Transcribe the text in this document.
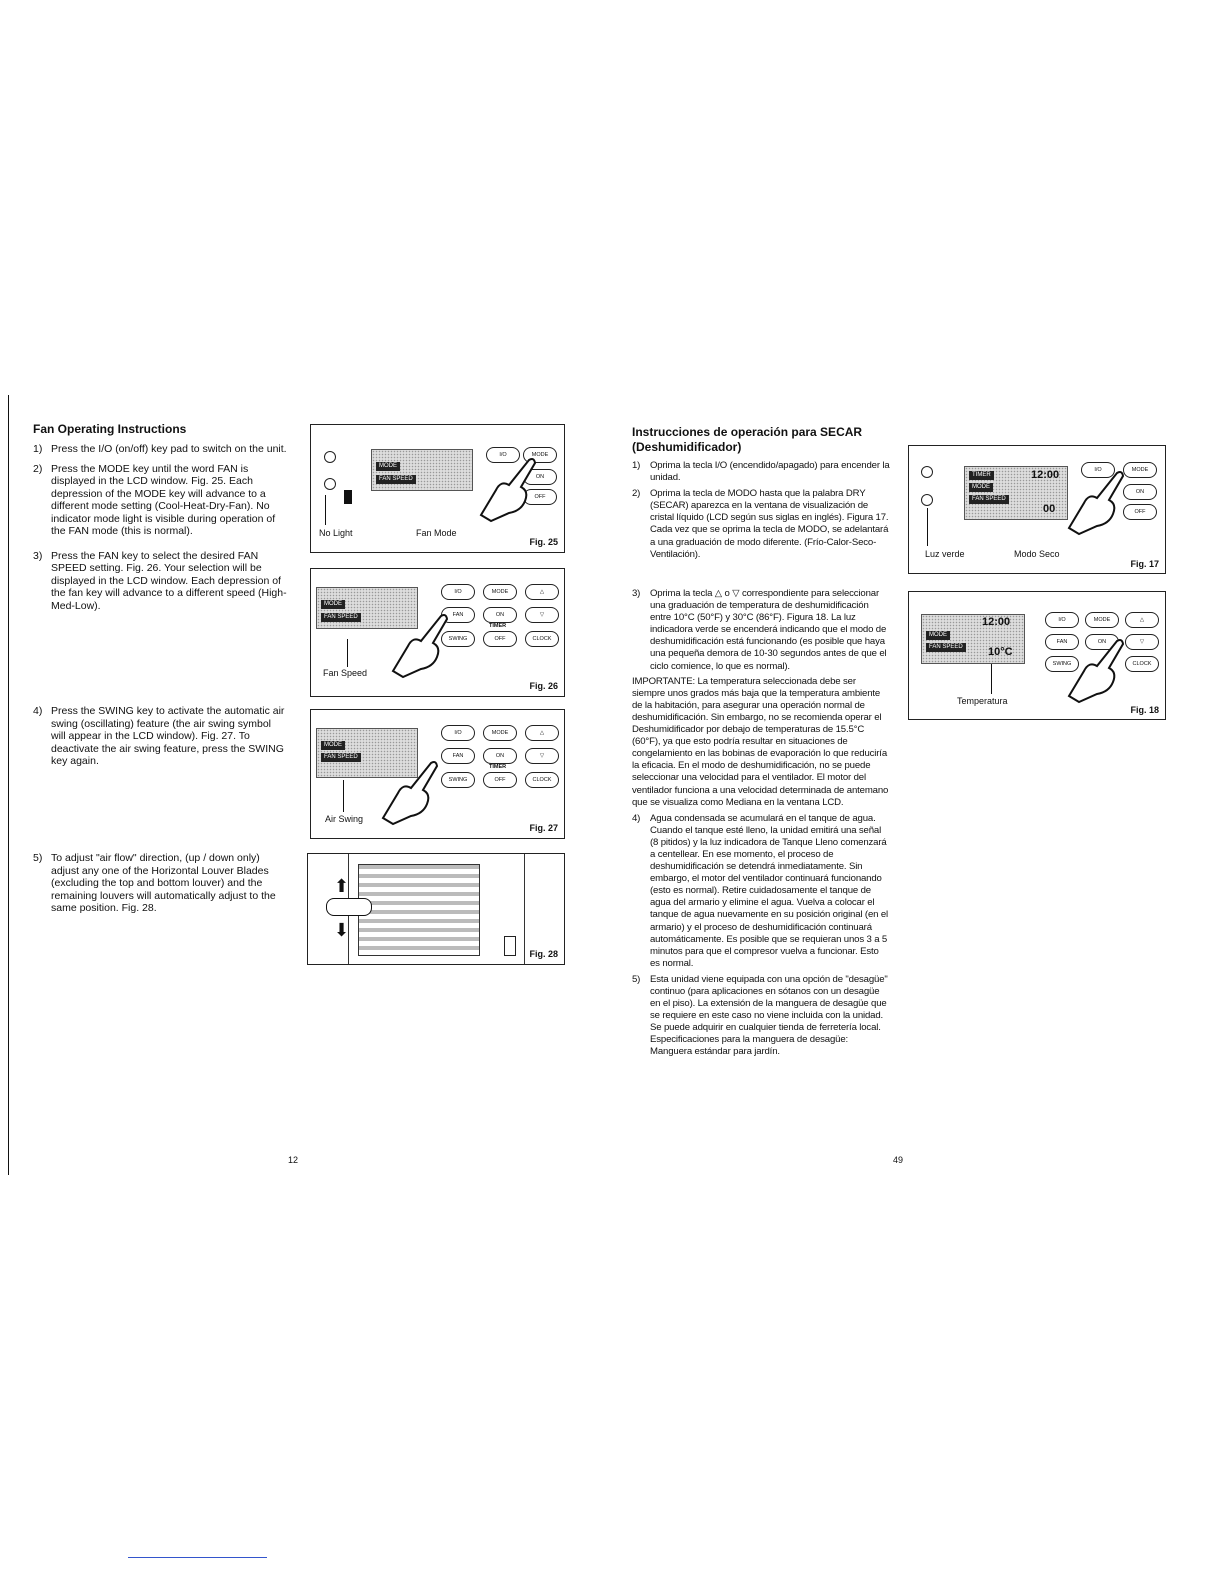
Fan Operating Instructions
1) Press the I/O (on/off) key pad to switch on the unit.
2) Press the MODE key until the word FAN is displayed in the LCD window. Fig. 25. Each depression of the MODE key will advance to a different mode setting (Cool-Heat-Dry-Fan). No indicator mode light is visible during operation of the FAN mode (this is normal).
3) Press the FAN key to select the desired FAN SPEED setting. Fig. 26. Your selection will be displayed in the LCD window. Each depression of the fan key will advance to a different speed (High-Med-Low).
4) Press the SWING key to activate the automatic air swing (oscillating) feature (the air swing symbol will appear in the LCD window). Fig. 27. To deactivate the air swing feature, press the SWING key again.
5) To adjust "air flow" direction, (up / down only) adjust any one of the Horizontal Louver Blades (excluding the top and bottom louver) and the remaining louvers will automatically adjust to the same position. Fig. 28.
12
MODE
FAN SPEED
I/O	MODE
ON
OFF
No Light	Fan Mode
Fig. 25
MODE
FAN SPEED
I/O	MODE	△
FAN	ON	▽
TIMER
SWING	OFF	CLOCK
Fan Speed
Fig. 26
MODE
FAN SPEED
I/O	MODE	△
FAN	ON	▽
TIMER
SWING	OFF	CLOCK
Air Swing
Fig. 27
⬆
⬇
Fig. 28
Instrucciones de operación para SECAR
(Deshumidificador)
1) Oprima la tecla I/O (encendido/apagado) para encender la unidad.
2) Oprima la tecla de MODO hasta que la palabra DRY (SECAR) aparezca en la ventana de visualización de cristal líquido (LCD según sus siglas en inglés). Figura 17. Cada vez que se oprima la tecla de MODO, se adelantará a una graduación de modo diferente. (Frío-Calor-Seco-Ventilación).
3) Oprima la tecla △ o ▽ correspondiente para seleccionar una graduación de temperatura de deshumidificación entre 10°C (50°F) y 30°C (86°F). Figura 18. La luz indicadora verde se encenderá indicando que el modo de deshumidificación está funcionando (es posible que haya una pequeña demora de 10-30 segundos antes de que el ciclo comience, lo que es normal).
IMPORTANTE: La temperatura seleccionada debe ser siempre unos grados más baja que la temperatura ambiente de la habitación, para asegurar una operación normal de deshumidificación. Sin embargo, no se recomienda operar el Deshumidificador por debajo de temperaturas de 15.5°C (60°F), ya que esto podría resultar en situaciones de congelamiento en las bobinas de evaporación lo que reduciría la eficacia. En el modo de deshumidificación, no se puede seleccionar una velocidad para el ventilador. El motor del ventilador funciona a una velocidad determinada de antemano que se visualiza como Mediana en la ventana LCD.
4) Agua condensada se acumulará en el tanque de agua. Cuando el tanque esté lleno, la unidad emitirá una señal (8 pitidos) y la luz indicadora de Tanque Lleno comenzará a centellear. En ese momento, el proceso de deshumidificación se detendrá inmediatamente. Sin embargo, el motor del ventilador continuará funcionando (esto es normal). Retire cuidadosamente el tanque de agua del armario y elimine el agua. Vuelva a colocar el tanque de agua nuevamente en su posición original (en el armario) y el proceso de deshumidificación continuará automáticamente. Es posible que se requieran unos 3 a 5 minutos para que el compresor vuelva a funcionar. Esto es normal.
5) Esta unidad viene equipada con una opción de "desagüe" continuo (para aplicaciones en sótanos con un desagüe en el piso). La extensión de la manguera de desagüe que se requiere en este caso no viene incluida con la unidad. Se puede adquirir en cualquier tienda de ferretería local. Especificaciones para la manguera de desagüe: Manguera estándar para jardín.
49
TIMER
MODE
FAN SPEED
12:00
00
I/O	MODE
ON
OFF
Luz verde	Modo Seco
Fig. 17
12:00
MODE
FAN SPEED 10°C
I/O	MODE	△
FAN	ON	▽
SWING	CLOCK
Temperatura
Fig. 18
